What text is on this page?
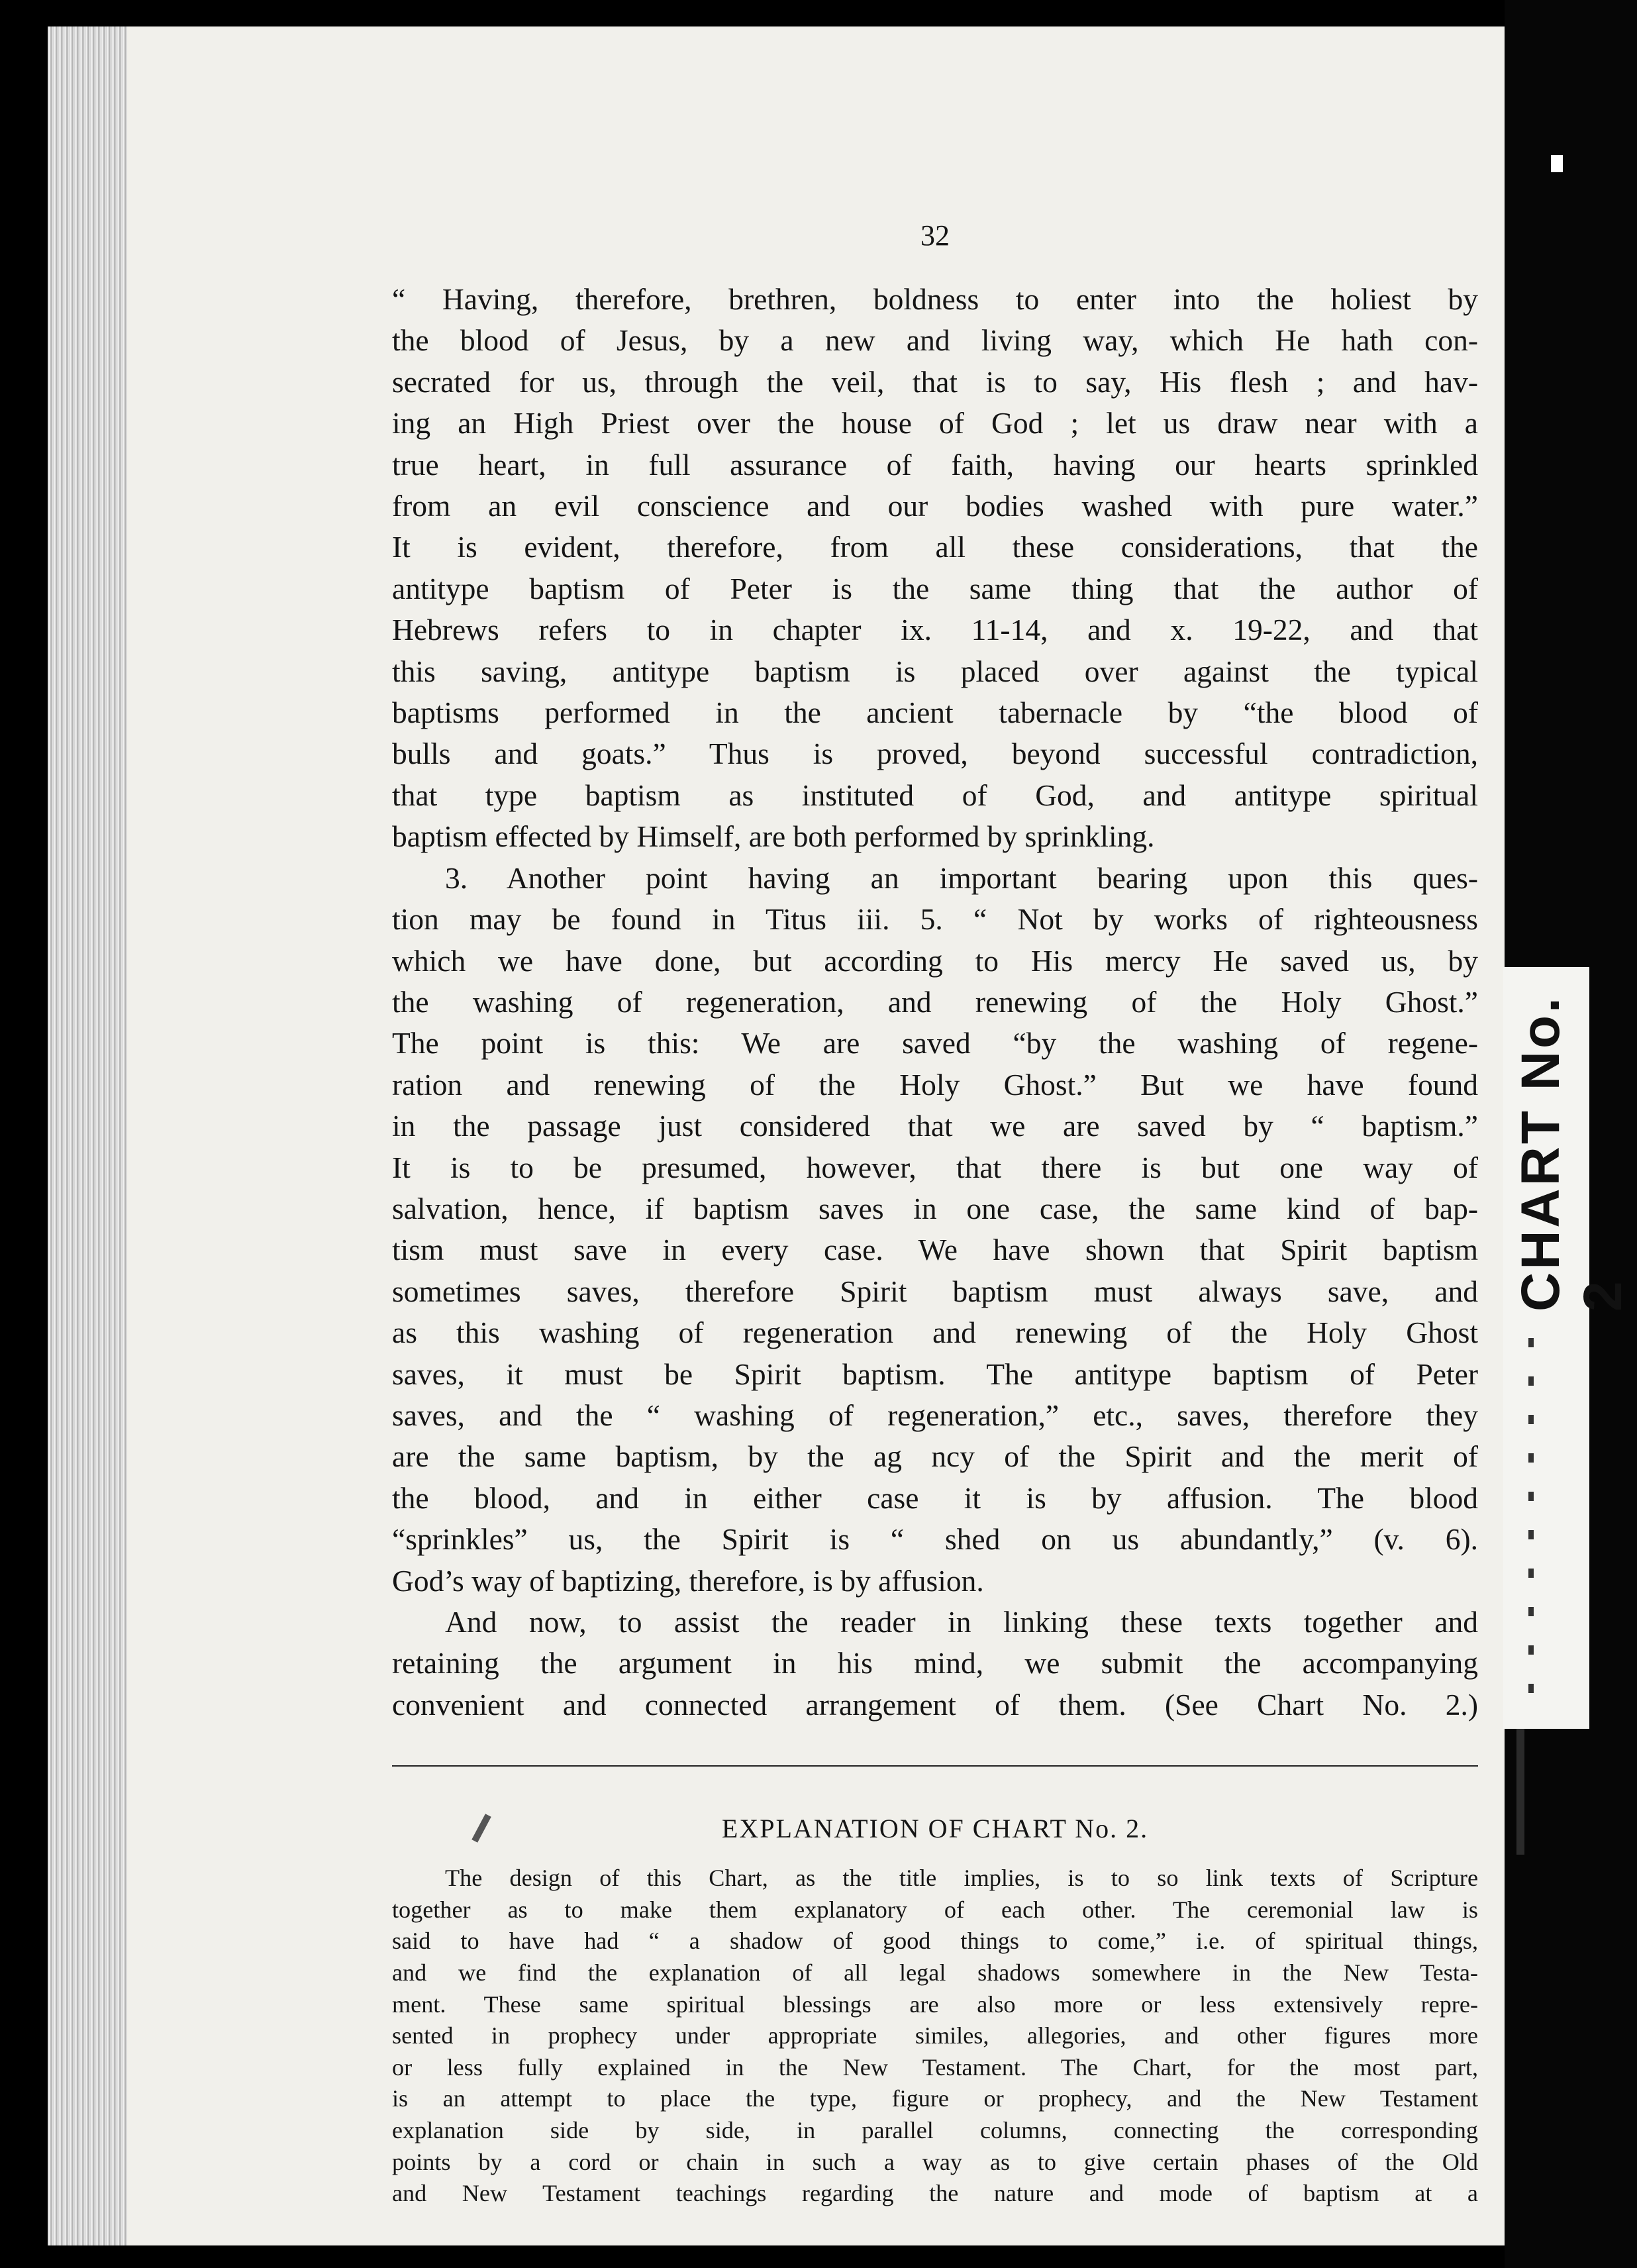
32

“ Having, therefore, brethren, boldness to enter into the holiest by

the blood of Jesus, by a new and living way, which He hath con-

secrated for us, through the veil, that is to say, His flesh ; and hav-

ing an High Priest over the house of God ; let us draw near with a

true heart, in full assurance of faith, having our hearts sprinkled

from an evil conscience and our bodies washed with pure water.”

It is evident, therefore, from all these considerations, that the

antitype baptism of Peter is the same thing that the author of

Hebrews refers to in chapter ix. 11-14, and x. 19-22, and that

this saving, antitype baptism is placed over against the typical

baptisms performed in the ancient tabernacle by “the blood of

bulls and goats.” Thus is proved, beyond successful contradiction,

that type baptism as instituted of God, and antitype spiritual

baptism effected by Himself, are both performed by sprinkling.

3. Another point having an important bearing upon this ques-

tion may be found in Titus iii. 5. “ Not by works of righteousness

which we have done, but according to His mercy He saved us, by

the washing of regeneration, and renewing of the Holy Ghost.”

The point is this: We are saved “by the washing of regene-

ration and renewing of the Holy Ghost.” But we have found

in the passage just considered that we are saved by “ baptism.”

It is to be presumed, however, that there is but one way of

salvation, hence, if baptism saves in one case, the same kind of bap-

tism must save in every case. We have shown that Spirit baptism

sometimes saves, therefore Spirit baptism must always save, and

as this washing of regeneration and renewing of the Holy Ghost

saves, it must be Spirit baptism. The antitype baptism of Peter

saves, and the “ washing of regeneration,” etc., saves, therefore they

are the same baptism, by the ag ncy of the Spirit and the merit of

the blood, and in either case it is by affusion. The blood

“sprinkles” us, the Spirit is “ shed on us abundantly,” (v. 6).

God’s way of baptizing, therefore, is by affusion.

And now, to assist the reader in linking these texts together and

retaining the argument in his mind, we submit the accompanying

convenient and connected arrangement of them. (See Chart No. 2.)

EXPLANATION OF CHART No. 2.

The design of this Chart, as the title implies, is to so link texts of Scripture

together as to make them explanatory of each other. The ceremonial law is

said to have had “ a shadow of good things to come,” i.e. of spiritual things,

and we find the explanation of all legal shadows somewhere in the New Testa-

ment. These same spiritual blessings are also more or less extensively repre-

sented in prophecy under appropriate similes, allegories, and other figures more

or less fully explained in the New Testament. The Chart, for the most part,

is an attempt to place the type, figure or prophecy, and the New Testament

explanation side by side, in parallel columns, connecting the corresponding

points by a cord or chain in such a way as to give certain phases of the Old

and New Testament teachings regarding the nature and mode of baptism at a

CHART No. 2
